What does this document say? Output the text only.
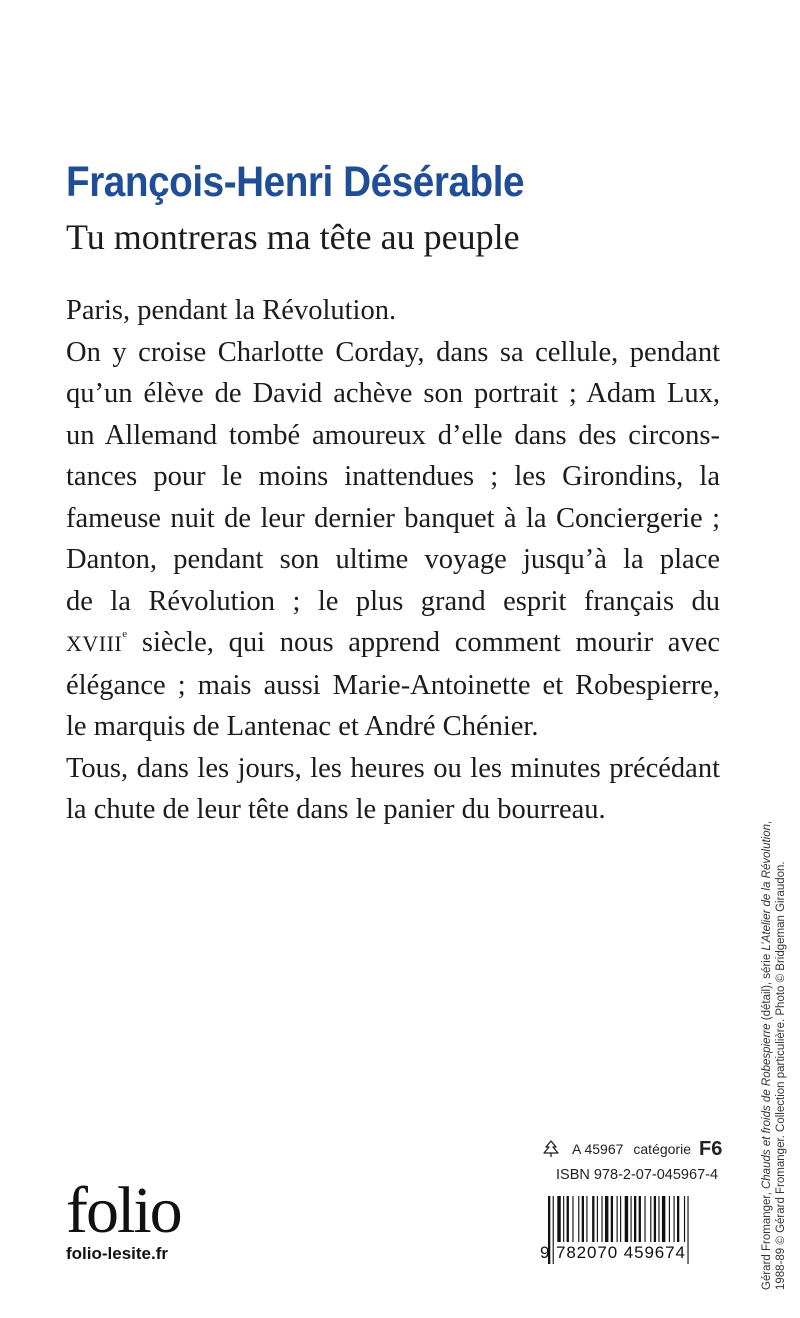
François-Henri Désérable
Tu montreras ma tête au peuple
Paris, pendant la Révolution.
On y croise Charlotte Corday, dans sa cellule, pendant
qu’un élève de David achève son portrait ; Adam Lux,
un Allemand tombé amoureux d’elle dans des circons-
tances pour le moins inattendues ; les Girondins, la
fameuse nuit de leur dernier banquet à la Conciergerie ;
Danton, pendant son ultime voyage jusqu’à la place
de la Révolution ; le plus grand esprit français du
XVIIIe siècle, qui nous apprend comment mourir avec
élégance ; mais aussi Marie-Antoinette et Robespierre,
le marquis de Lantenac et André Chénier.
Tous, dans les jours, les heures ou les minutes précédant
la chute de leur tête dans le panier du bourreau.
Gérard Fromanger, Chauds et froids de Robespierre (détail), série L’Atelier de la Révolution,
1988-89 © Gérard Fromanger. Collection particulière. Photo © Bridgeman Giraudon.
A 45967 catégorie F6
ISBN 978-2-07-045967-4
9 782070 459674
folio
folio-lesite.fr
